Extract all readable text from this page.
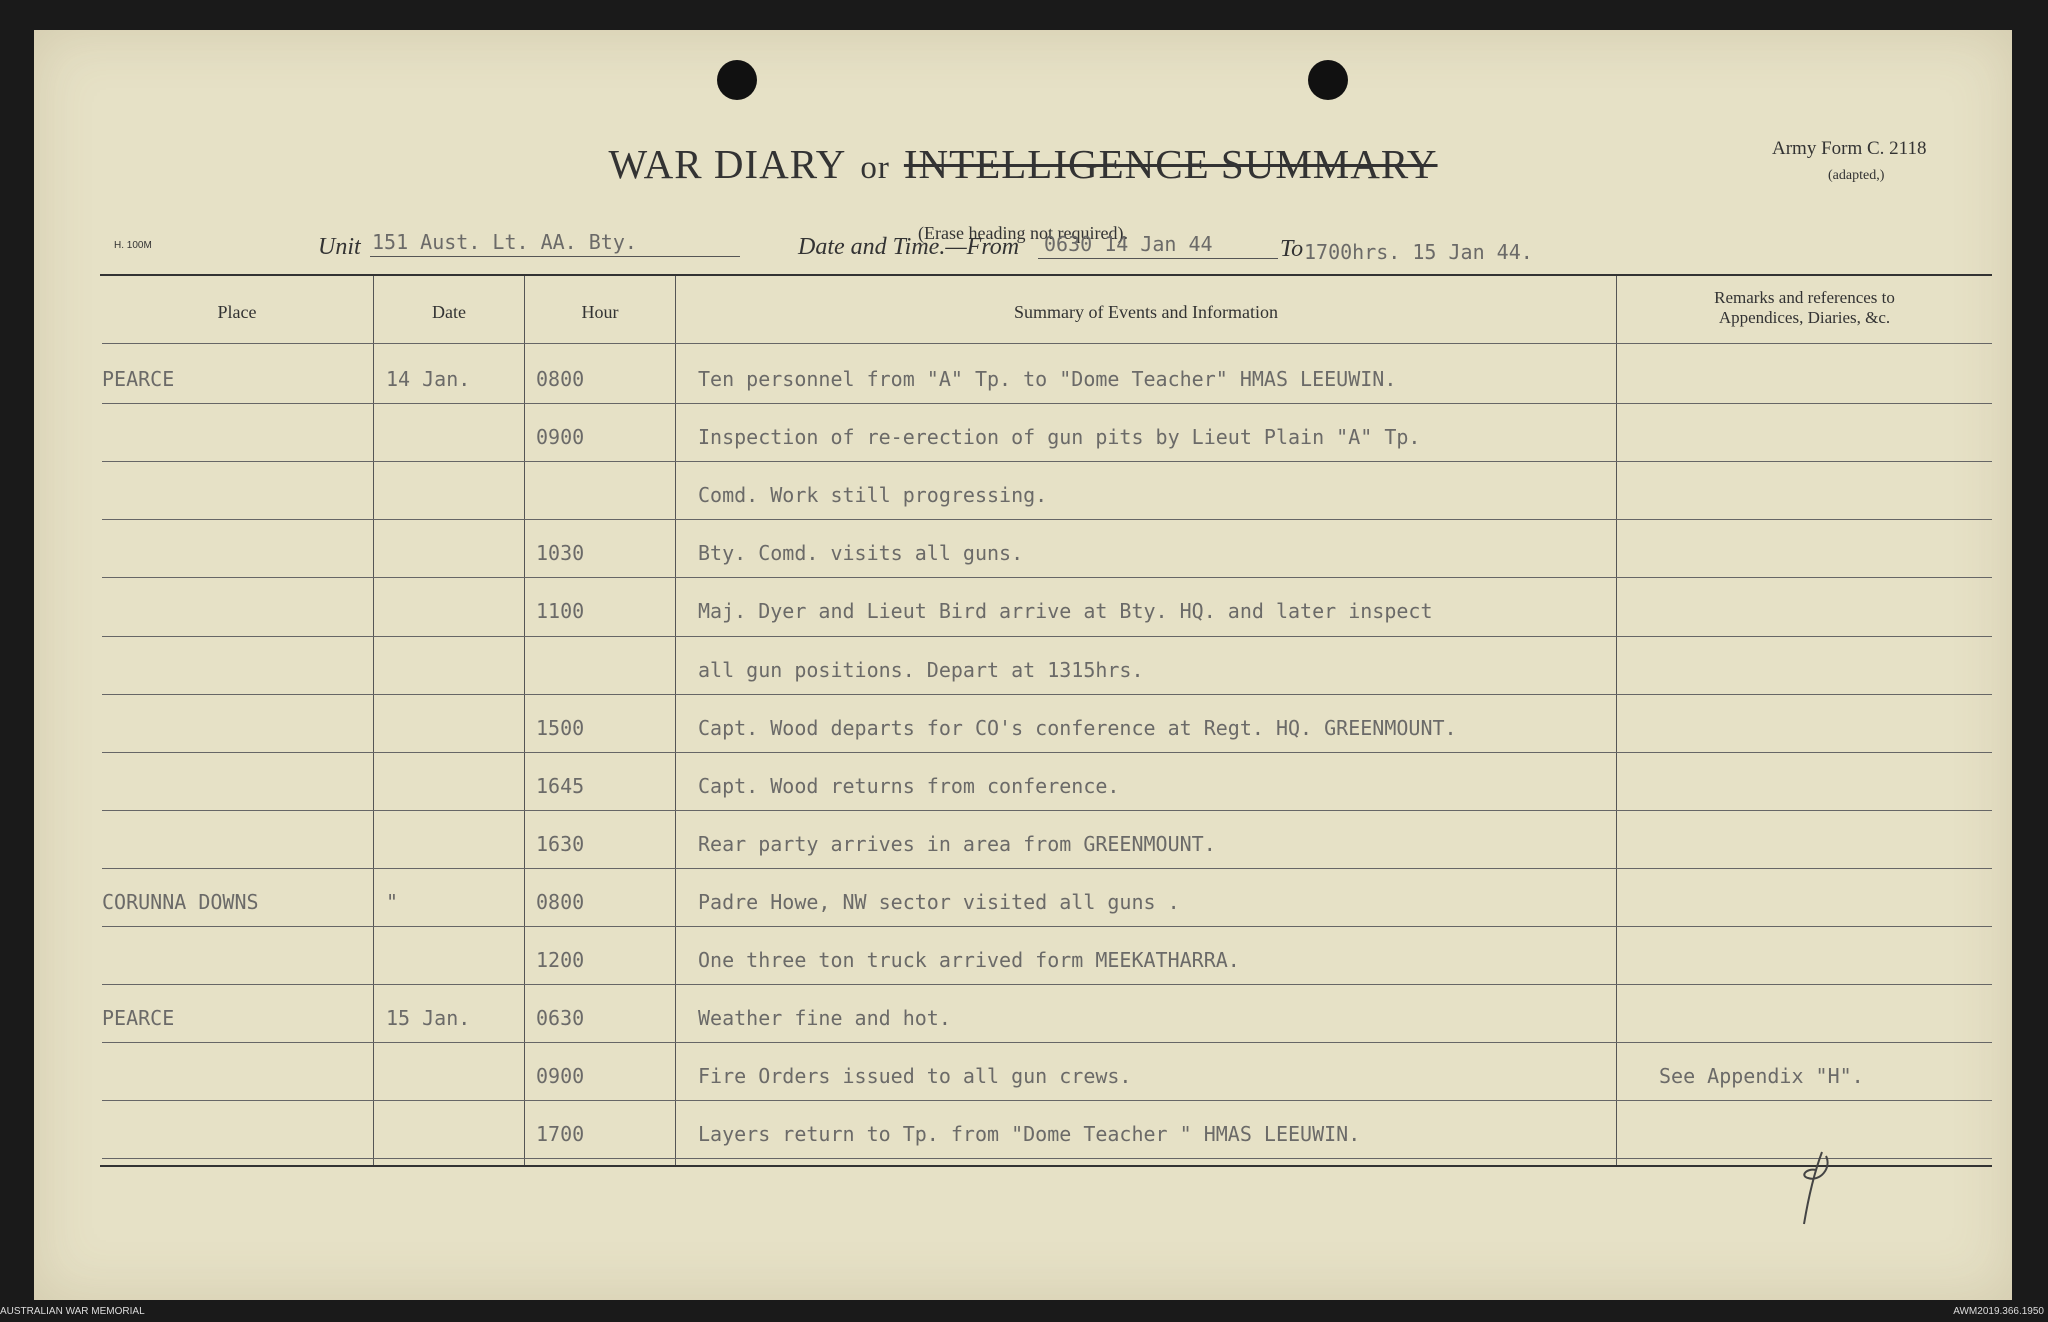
WAR DIARY or INTELLIGENCE SUMMARY
(Erase heading not required).
Army Form C. 2118
(adapted,)
H. 100M	Unit 151 Aust. Lt. AA. Bty.	Date and Time.—From 0630 14 Jan 44	To 1700hrs. 15 Jan 44.
Place	Date	Hour	Summary of Events and Information
Remarks and references to
Appendices, Diaries, &c.
PEARCE	14 Jan.	0800	Ten personnel from "A" Tp. to "Dome Teacher" HMAS LEEUWIN.
0900	Inspection of re-erection of gun pits by Lieut Plain "A" Tp.
Comd. Work still progressing.
1030	Bty. Comd. visits all guns.
1100	Maj. Dyer and Lieut Bird arrive at Bty. HQ. and later inspect
all gun positions. Depart at 1315hrs.
1500	Capt. Wood departs for CO's conference at Regt. HQ. GREENMOUNT.
1645	Capt. Wood returns from conference.
1630	Rear party arrives in area from GREENMOUNT.
CORUNNA DOWNS	"	0800	Padre Howe, NW sector visited all guns .
1200	One three ton truck arrived form MEEKATHARRA.
PEARCE	15 Jan.	0630	Weather fine and hot.
0900	Fire Orders issued to all gun crews.	See Appendix "H".
1700	Layers return to Tp. from "Dome Teacher " HMAS LEEUWIN.
AUSTRALIAN WAR MEMORIAL	AWM2019.366.1950
